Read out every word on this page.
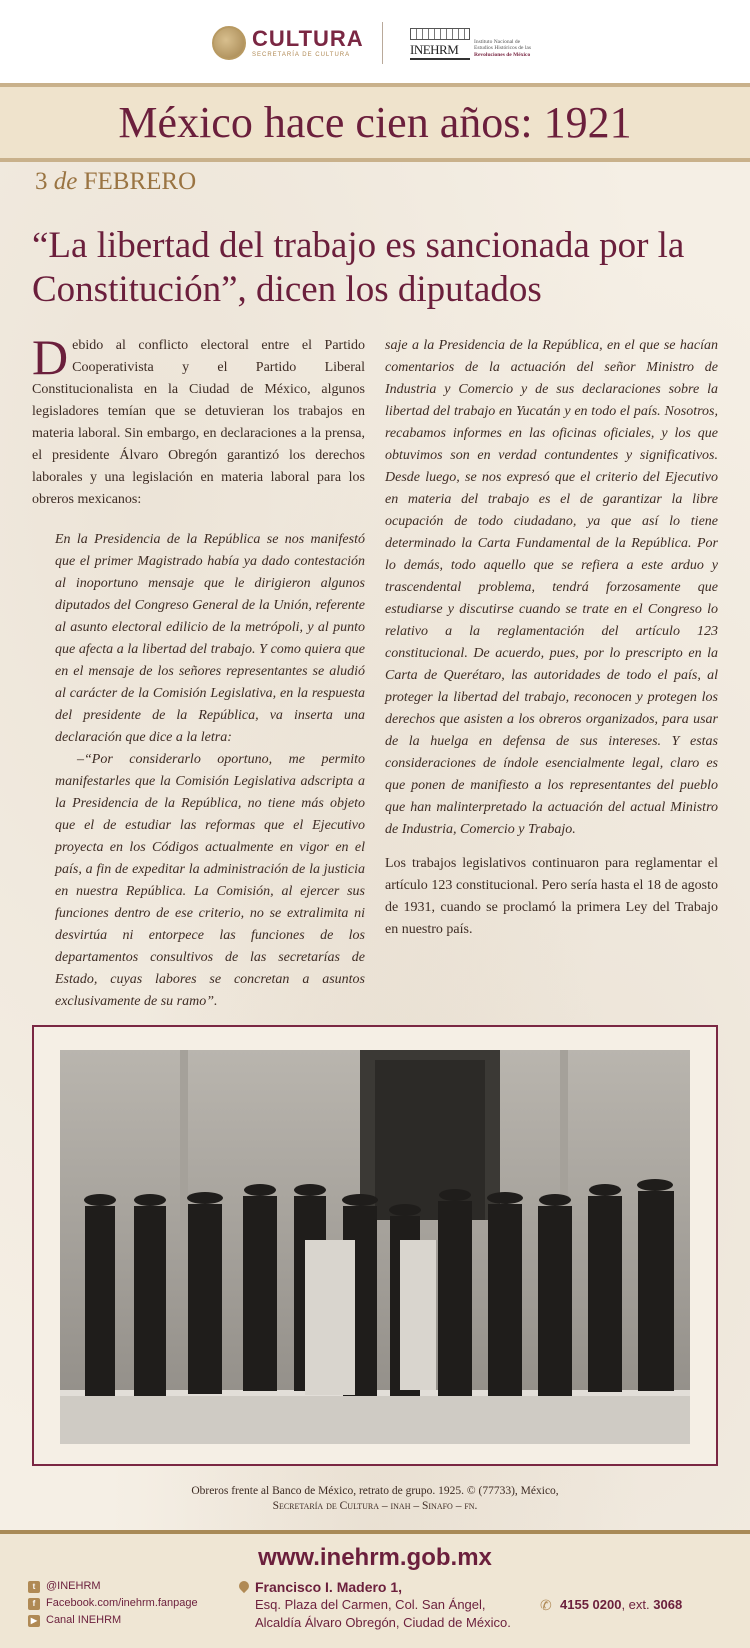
CULTURA
SECRETARÍA DE CULTURA	INEHRM
Instituto Nacional de
Estudios Históricos de las
Revoluciones de México
México hace cien años: 1921
3 de FEBRERO
“La libertad del trabajo es sancionada por la Constitución”, dicen los diputados

Debido al conflicto electoral entre el Partido Cooperativista y el Partido Liberal Constitucionalista en la Ciudad de México, algunos legisladores temían que se detuvieran los trabajos en materia laboral. Sin embargo, en declaraciones a la prensa, el presidente Álvaro Obregón garantizó los derechos laborales y una legislación en materia laboral para los obreros mexicanos:

En la Presidencia de la República se nos manifestó que el primer Magistrado había ya dado contestación al inoportuno mensaje que le dirigieron algunos diputados del Congreso General de la Unión, referente al asunto electoral edilicio de la metrópoli, y al punto que afecta a la libertad del trabajo. Y como quiera que en el mensaje de los señores representantes se aludió al carácter de la Comisión Legislativa, en la respuesta del presidente de la República, va inserta una declaración que dice a la letra:

–“Por considerarlo oportuno, me permito manifestarles que la Comisión Legislativa adscripta a la Presidencia de la República, no tiene más objeto que el de estudiar las reformas que el Ejecutivo proyecta en los Códigos actualmente en vigor en el país, a fin de expeditar la administración de la justicia en nuestra República. La Comisión, al ejercer sus funciones dentro de ese criterio, no se extralimita ni desvirtúa ni entorpece las funciones de los departamentos consultivos de las secretarías de Estado, cuyas labores se concretan a asuntos exclusivamente de su ramo”.

saje a la Presidencia de la República, en el que se hacían comentarios de la actuación del señor Ministro de Industria y Comercio y de sus declaraciones sobre la libertad del trabajo en Yucatán y en todo el país. Nosotros, recabamos informes en las oficinas oficiales, y los que obtuvimos son en verdad contundentes y significativos. Desde luego, se nos expresó que el criterio del Ejecutivo en materia del trabajo es el de garantizar la libre ocupación de todo ciudadano, ya que así lo tiene determinado la Carta Fundamental de la República. Por lo demás, todo aquello que se refiera a este arduo y trascendental problema, tendrá forzosamente que estudiarse y discutirse cuando se trate en el Congreso lo relativo a la reglamentación del artículo 123 constitucional. De acuerdo, pues, por lo prescripto en la Carta de Querétaro, las autoridades de todo el país, al proteger la libertad del trabajo, reconocen y protegen los derechos que asisten a los obreros organizados, para usar de la huelga en defensa de sus intereses. Y estas consideraciones de índole esencialmente legal, claro es que ponen de manifiesto a los representantes del pueblo que han malinterpretado la actuación del actual Ministro de Industria, Comercio y Trabajo.

Los trabajos legislativos continuaron para reglamentar el artículo 123 constitucional. Pero sería hasta el 18 de agosto de 1931, cuando se proclamó la primera Ley del Trabajo en nuestro país.

Obreros frente al Banco de México, retrato de grupo. 1925. © (77733), México,
Secretaría de Cultura – inah – Sinafo – fn.
www.inehrm.gob.mx
t @INEHRM
f Facebook.com/inehrm.fanpage
▶ Canal INEHRM
Francisco I. Madero 1,
Esq. Plaza del Carmen, Col. San Ángel,
Alcaldía Álvaro Obregón, Ciudad de México.
✆ 4155 0200, ext. 3068
